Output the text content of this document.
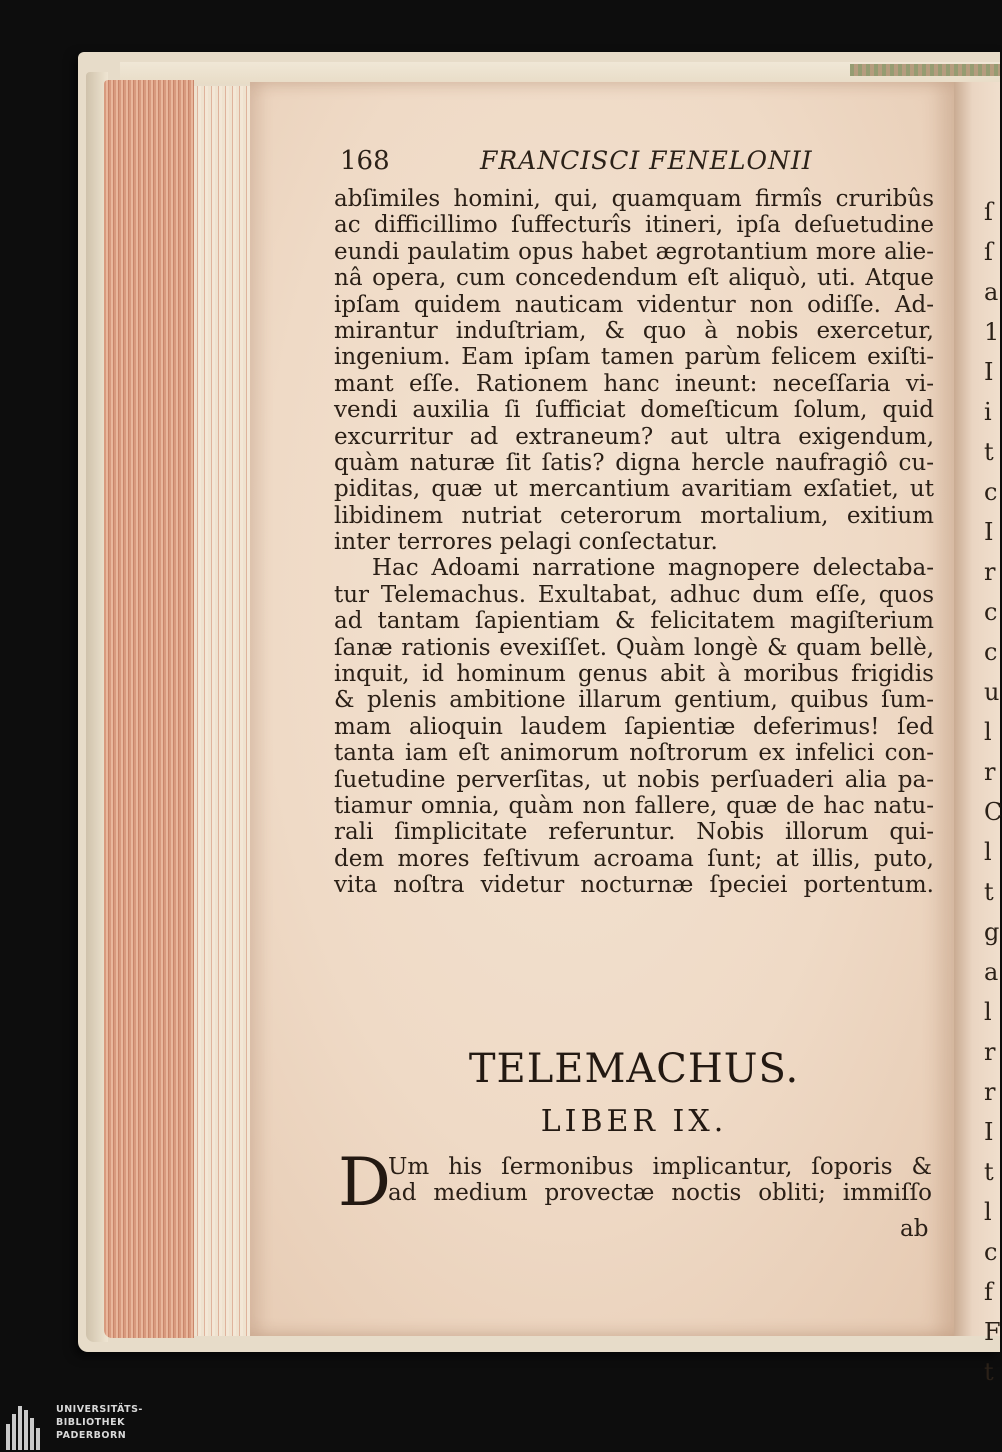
ſ
ſ
a
1
I
i
t
c
I
r
c
c
u
l
r
C
l
t
g
a
l
r
r
I
t
l
c
f
F
t

168	FRANCISCI FENELONII
abſimiles homini, qui, quamquam firmîs cruribûs
ac difficillimo ſuffecturîs itineri, ipſa deſuetudine
eundi paulatim opus habet ægrotantium more alie-
nâ opera, cum concedendum eſt aliquò, uti. Atque
ipſam quidem nauticam videntur non odiſſe. Ad-
mirantur induſtriam, & quo à nobis exercetur,
ingenium. Eam ipſam tamen parùm felicem exiſti-
mant eſſe. Rationem hanc ineunt: neceſſaria vi-
vendi auxilia ſi ſufficiat domeſticum ſolum, quid
excurritur ad extraneum? aut ultra exigendum,
quàm naturæ ſit ſatis? digna hercle naufragiô cu-
piditas, quæ ut mercantium avaritiam exſatiet, ut
libidinem nutriat ceterorum mortalium, exitium
inter terrores pelagi conſectatur.
Hac Adoami narratione magnopere delectaba-
tur Telemachus. Exultabat, adhuc dum eſſe, quos
ad tantam ſapientiam & felicitatem magiſterium
ſanæ rationis evexiſſet. Quàm longè & quam bellè,
inquit, id hominum genus abit à moribus frigidis
& plenis ambitione illarum gentium, quibus ſum-
mam alioquin laudem ſapientiæ deferimus! ſed
tanta iam eſt animorum noſtrorum ex infelici con-
ſuetudine perverſitas, ut nobis perſuaderi alia pa-
tiamur omnia, quàm non fallere, quæ de hac natu-
rali ſimplicitate referuntur. Nobis illorum qui-
dem mores feſtivum acroama ſunt; at illis, puto,
vita noſtra videtur nocturnæ ſpeciei portentum.
TELEMACHUS.
LIBER IX.
D
Um his ſermonibus implicantur, ſoporis &
ad medium provectæ noctis obliti; immiſſo
ab
UNIVERSITÄTS-
BIBLIOTHEK
PADERBORN
